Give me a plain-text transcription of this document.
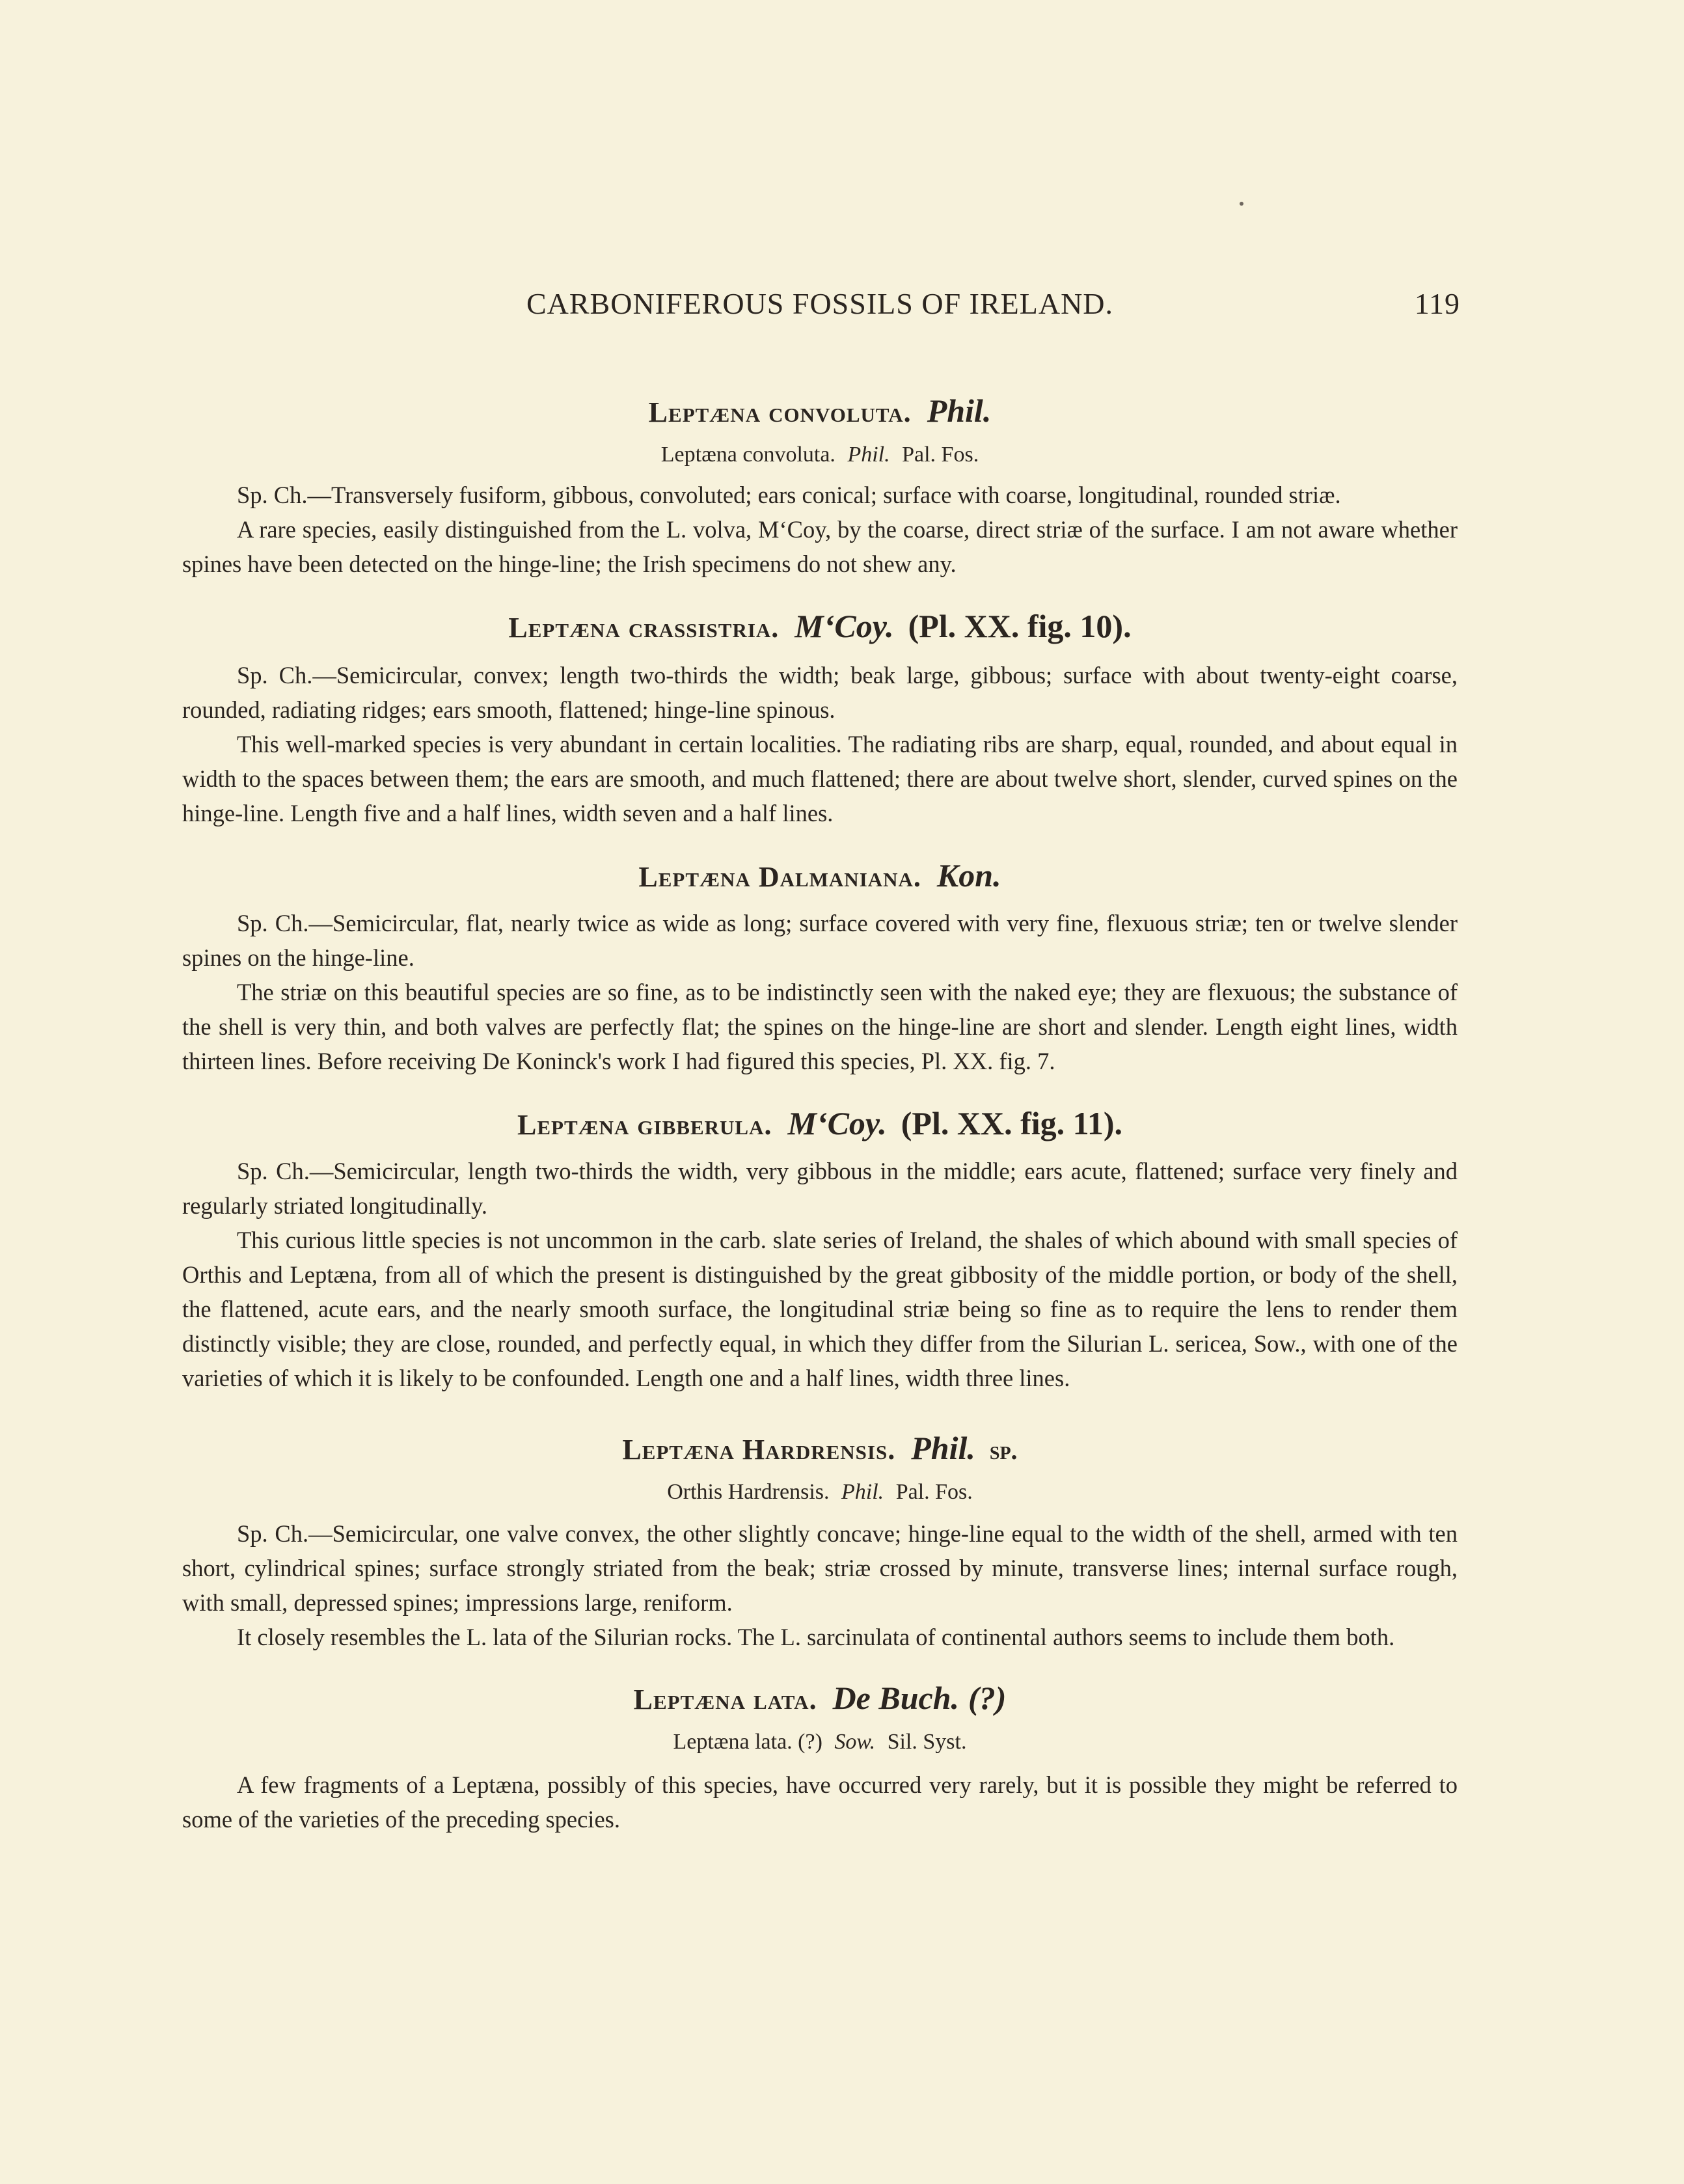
CARBONIFEROUS FOSSILS OF IRELAND.	119
Leptæna convoluta. Phil.
Leptæna convoluta. Phil. Pal. Fos.

Sp. Ch.—Transversely fusiform, gibbous, convoluted; ears conical; surface with coarse, longitudinal, rounded striæ.

A rare species, easily distinguished from the L. volva, M‘Coy, by the coarse, direct striæ of the surface. I am not aware whether spines have been detected on the hinge-line; the Irish specimens do not shew any.

Leptæna crassistria. M‘Coy. (Pl. XX. fig. 10).

Sp. Ch.—Semicircular, convex; length two-thirds the width; beak large, gibbous; surface with about twenty-eight coarse, rounded, radiating ridges; ears smooth, flattened; hinge-line spinous.

This well-marked species is very abundant in certain localities. The radiating ribs are sharp, equal, rounded, and about equal in width to the spaces between them; the ears are smooth, and much flattened; there are about twelve short, slender, curved spines on the hinge-line. Length five and a half lines, width seven and a half lines.

Leptæna Dalmaniana. Kon.

Sp. Ch.—Semicircular, flat, nearly twice as wide as long; surface covered with very fine, flexuous striæ; ten or twelve slender spines on the hinge-line.

The striæ on this beautiful species are so fine, as to be indistinctly seen with the naked eye; they are flexuous; the substance of the shell is very thin, and both valves are perfectly flat; the spines on the hinge-line are short and slender. Length eight lines, width thirteen lines. Before receiving De Koninck's work I had figured this species, Pl. XX. fig. 7.

Leptæna gibberula. M‘Coy. (Pl. XX. fig. 11).

Sp. Ch.—Semicircular, length two-thirds the width, very gibbous in the middle; ears acute, flattened; surface very finely and regularly striated longitudinally.

This curious little species is not uncommon in the carb. slate series of Ireland, the shales of which abound with small species of Orthis and Leptæna, from all of which the present is distinguished by the great gibbosity of the middle portion, or body of the shell, the flattened, acute ears, and the nearly smooth surface, the longitudinal striæ being so fine as to require the lens to render them distinctly visible; they are close, rounded, and perfectly equal, in which they differ from the Silurian L. sericea, Sow., with one of the varieties of which it is likely to be confounded. Length one and a half lines, width three lines.

Leptæna Hardrensis. Phil. sp.
Orthis Hardrensis. Phil. Pal. Fos.

Sp. Ch.—Semicircular, one valve convex, the other slightly concave; hinge-line equal to the width of the shell, armed with ten short, cylindrical spines; surface strongly striated from the beak; striæ crossed by minute, transverse lines; internal surface rough, with small, depressed spines; impressions large, reniform.

It closely resembles the L. lata of the Silurian rocks. The L. sarcinulata of continental authors seems to include them both.

Leptæna lata. De Buch. (?)
Leptæna lata. (?) Sow. Sil. Syst.

A few fragments of a Leptæna, possibly of this species, have occurred very rarely, but it is possible they might be referred to some of the varieties of the preceding species.
